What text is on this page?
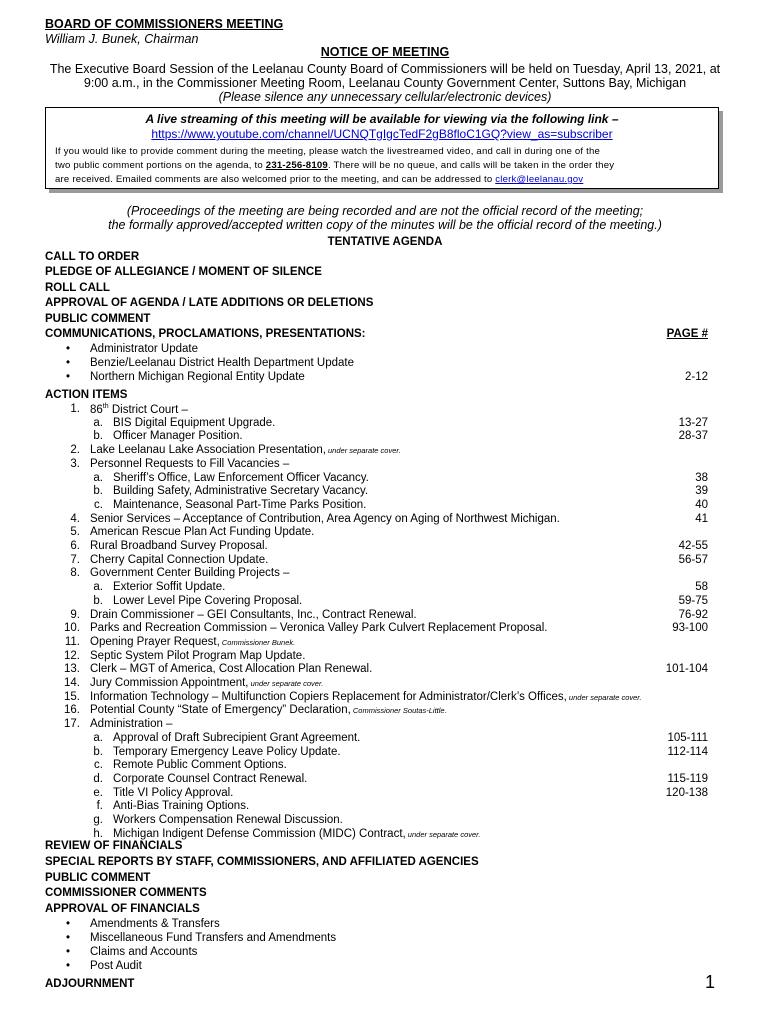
BOARD OF COMMISSIONERS MEETING
William J. Bunek, Chairman
NOTICE OF MEETING
The Executive Board Session of the Leelanau County Board of Commissioners will be held on Tuesday, April 13, 2021, at
9:00 a.m., in the Commissioner Meeting Room, Leelanau County Government Center, Suttons Bay, Michigan
(Please silence any unnecessary cellular/electronic devices)
A live streaming of this meeting will be available for viewing via the following link –
https://www.youtube.com/channel/UCNQTgIgcTedF2gB8floC1GQ?view_as=subscriber
If you would like to provide comment during the meeting, please watch the livestreamed video, and call in during one of the
two public comment portions on the agenda, to 231-256-8109. There will be no queue, and calls will be taken in the order they
are received. Emailed comments are also welcomed prior to the meeting, and can be addressed to clerk@leelanau.gov
(Proceedings of the meeting are being recorded and are not the official record of the meeting;
the formally approved/accepted written copy of the minutes will be the official record of the meeting.)
TENTATIVE AGENDA
CALL TO ORDER
PLEDGE OF ALLEGIANCE / MOMENT OF SILENCE
ROLL CALL
APPROVAL OF AGENDA / LATE ADDITIONS OR DELETIONS
PUBLIC COMMENT
COMMUNICATIONS, PROCLAMATIONS, PRESENTATIONS:	PAGE #
• Administrator Update
• Benzie/Leelanau District Health Department Update
• Northern Michigan Regional Entity Update	2-12
ACTION ITEMS
1. 86th District Court –
a. BIS Digital Equipment Upgrade.	13-27
b. Officer Manager Position.	28-37
2. Lake Leelanau Lake Association Presentation, under separate cover.
3. Personnel Requests to Fill Vacancies –
a. Sheriff’s Office, Law Enforcement Officer Vacancy.	38
b. Building Safety, Administrative Secretary Vacancy.	39
c. Maintenance, Seasonal Part-Time Parks Position.	40
4. Senior Services – Acceptance of Contribution, Area Agency on Aging of Northwest Michigan.	41
5. American Rescue Plan Act Funding Update.
6. Rural Broadband Survey Proposal.	42-55
7. Cherry Capital Connection Update.	56-57
8. Government Center Building Projects –
a. Exterior Soffit Update.	58
b. Lower Level Pipe Covering Proposal.	59-75
9. Drain Commissioner – GEI Consultants, Inc., Contract Renewal.	76-92
10. Parks and Recreation Commission – Veronica Valley Park Culvert Replacement Proposal.	93-100
11. Opening Prayer Request, Commissioner Bunek.
12. Septic System Pilot Program Map Update.
13. Clerk – MGT of America, Cost Allocation Plan Renewal.	101-104
14. Jury Commission Appointment, under separate cover.
15. Information Technology – Multifunction Copiers Replacement for Administrator/Clerk’s Offices, under separate cover.
16. Potential County “State of Emergency” Declaration, Commissioner Soutas-Little.
17. Administration –
a. Approval of Draft Subrecipient Grant Agreement.	105-111
b. Temporary Emergency Leave Policy Update.	112-114
c. Remote Public Comment Options.
d. Corporate Counsel Contract Renewal.	115-119
e. Title VI Policy Approval.	120-138
f. Anti-Bias Training Options.
g. Workers Compensation Renewal Discussion.
h. Michigan Indigent Defense Commission (MIDC) Contract, under separate cover.
REVIEW OF FINANCIALS
SPECIAL REPORTS BY STAFF, COMMISSIONERS, AND AFFILIATED AGENCIES
PUBLIC COMMENT
COMMISSIONER COMMENTS
APPROVAL OF FINANCIALS
• Amendments & Transfers
• Miscellaneous Fund Transfers and Amendments
• Claims and Accounts
• Post Audit
ADJOURNMENT	1
